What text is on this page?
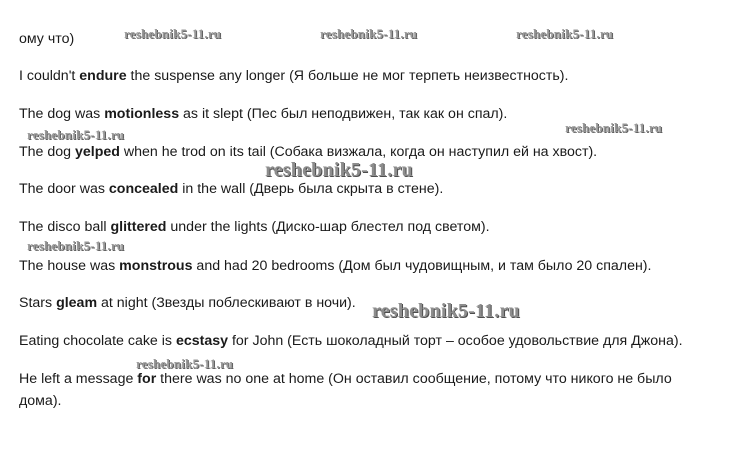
ому что)
I couldn't endure the suspense any longer (Я больше не мог терпеть неизвестность).
The dog was motionless as it slept (Пес был неподвижен, так как он спал).
The dog yelped when he trod on its tail (Собака визжала, когда он наступил ей на хвост).
The door was concealed in the wall (Дверь была скрыта в стене).
The disco ball glittered under the lights (Диско-шар блестел под светом).
The house was monstrous and had 20 bedrooms (Дом был чудовищным, и там было 20 спален).
Stars gleam at night (Звезды поблескивают в ночи).
Eating chocolate cake is ecstasy for John (Есть шоколадный торт – особое удовольствие для Джона).
He left a message for there was no one at home (Он оставил сообщение, потому что никого не было
дома).
reshebnik5-11.ru	reshebnik5-11.ru	reshebnik5-11.ru
reshebnik5-11.ru	reshebnik5-11.ru
reshebnik5-11.ru
reshebnik5-11.ru
reshebnik5-11.ru
reshebnik5-11.ru
